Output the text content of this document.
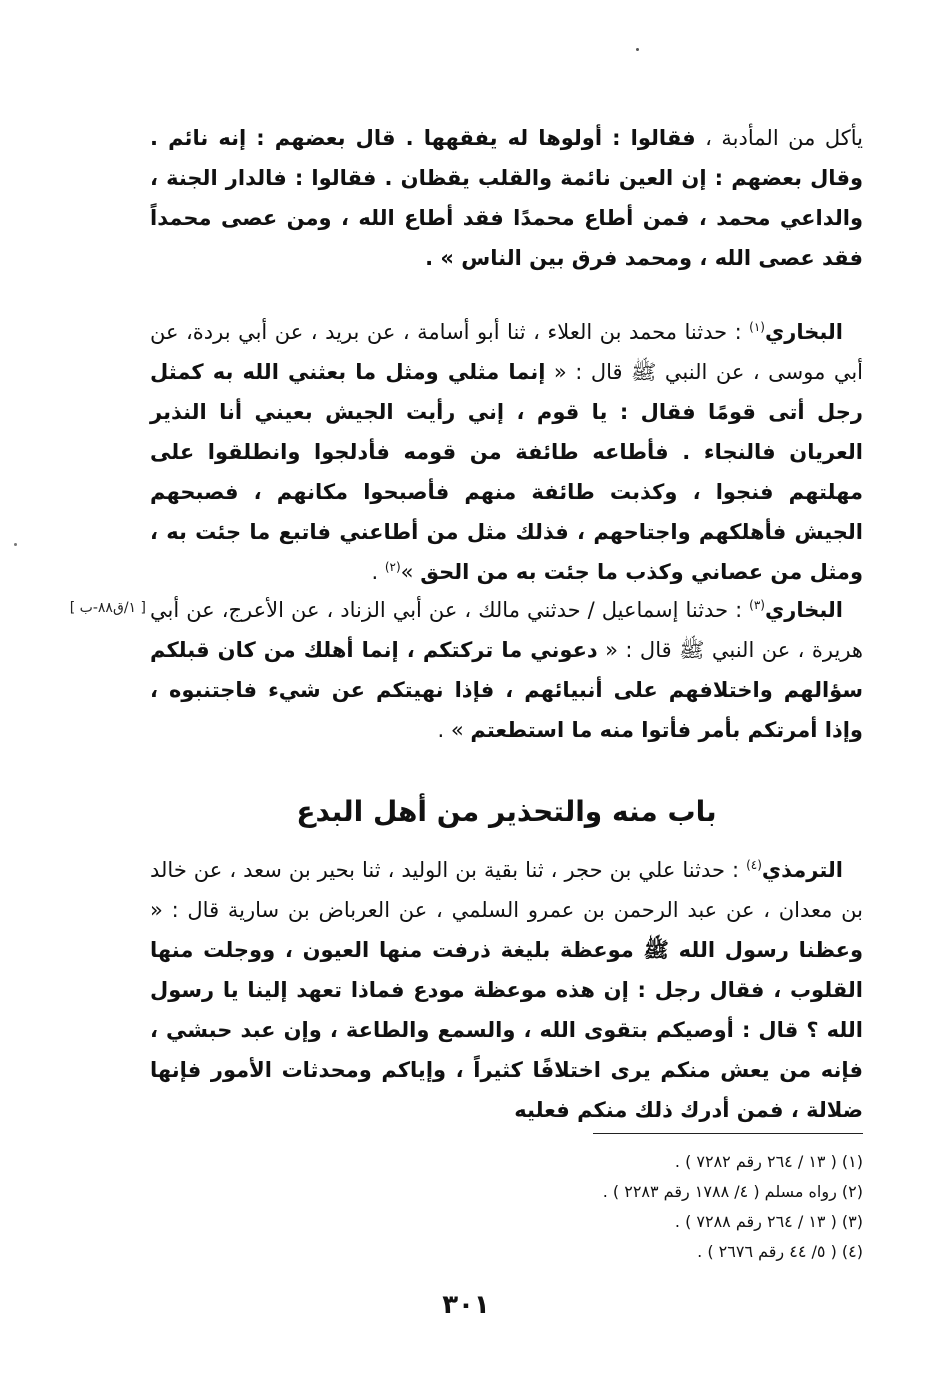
يأكل من المأدبة ، فقالوا : أولوها له يفقهها . قال بعضهم : إنه نائم . وقال بعضهم : إن العين نائمة والقلب يقظان . فقالوا : فالدار الجنة ، والداعي محمد ، فمن أطاع محمدًا فقد أطاع الله ، ومن عصى محمداً فقد عصى الله ، ومحمد فرق بين الناس » .
البخاري$^{(١)}$ : حدثنا محمد بن العلاء ، ثنا أبو أسامة ، عن بريد ، عن أبي بردة، عن أبي موسى ، عن النبي ﷺ قال : « إنما مثلي ومثل ما بعثني الله به كمثل رجل أتى قومًا فقال : يا قوم ، إني رأيت الجيش بعيني أنا النذير العريان فالنجاء . فأطاعه طائفة من قومه فأدلجوا وانطلقوا على مهلتهم فنجوا ، وكذبت طائفة منهم فأصبحوا مكانهم ، فصبحهم الجيش فأهلكهم واجتاحهم ، فذلك مثل من أطاعني فاتبع ما جئت به ، ومثل من عصاني وكذب ما جئت به من الحق »$^{(٢)}$ .
[ ١/ق٨٨-ب ]	البخاري$^{(٣)}$ : حدثنا إسماعيل / حدثني مالك ، عن أبي الزناد ، عن الأعرج، عن أبي هريرة ، عن النبي ﷺ قال : « دعوني ما تركتكم ، إنما أهلك من كان قبلكم سؤالهم واختلافهم على أنبيائهم ، فإذا نهيتكم عن شيء فاجتنبوه ، وإذا أمرتكم بأمر فأتوا منه ما استطعتم » .
باب منه والتحذير من أهل البدع
الترمذي$^{(٤)}$ : حدثنا علي بن حجر ، ثنا بقية بن الوليد ، ثنا بحير بن سعد ، عن خالد بن معدان ، عن عبد الرحمن بن عمرو السلمي ، عن العرباض بن سارية قال : « وعظنا رسول الله ﷺ موعظة بليغة ذرفت منها العيون ، ووجلت منها القلوب ، فقال رجل : إن هذه موعظة مودع فماذا تعهد إلينا يا رسول الله ؟ قال : أوصيكم بتقوى الله ، والسمع والطاعة ، وإن عبد حبشي ، فإنه من يعش منكم يرى اختلافًا كثيراً ، وإياكم ومحدثات الأمور فإنها ضلالة ، فمن أدرك ذلك منكم فعليه
(١) ( ١٣ / ٢٦٤ رقم ٧٢٨٢ ) .
(٢) رواه مسلم ( ٤/ ١٧٨٨ رقم ٢٢٨٣ ) .
(٣) ( ١٣ / ٢٦٤ رقم ٧٢٨٨ ) .
(٤) ( ٥/ ٤٤ رقم ٢٦٧٦ ) .
٣٠١
